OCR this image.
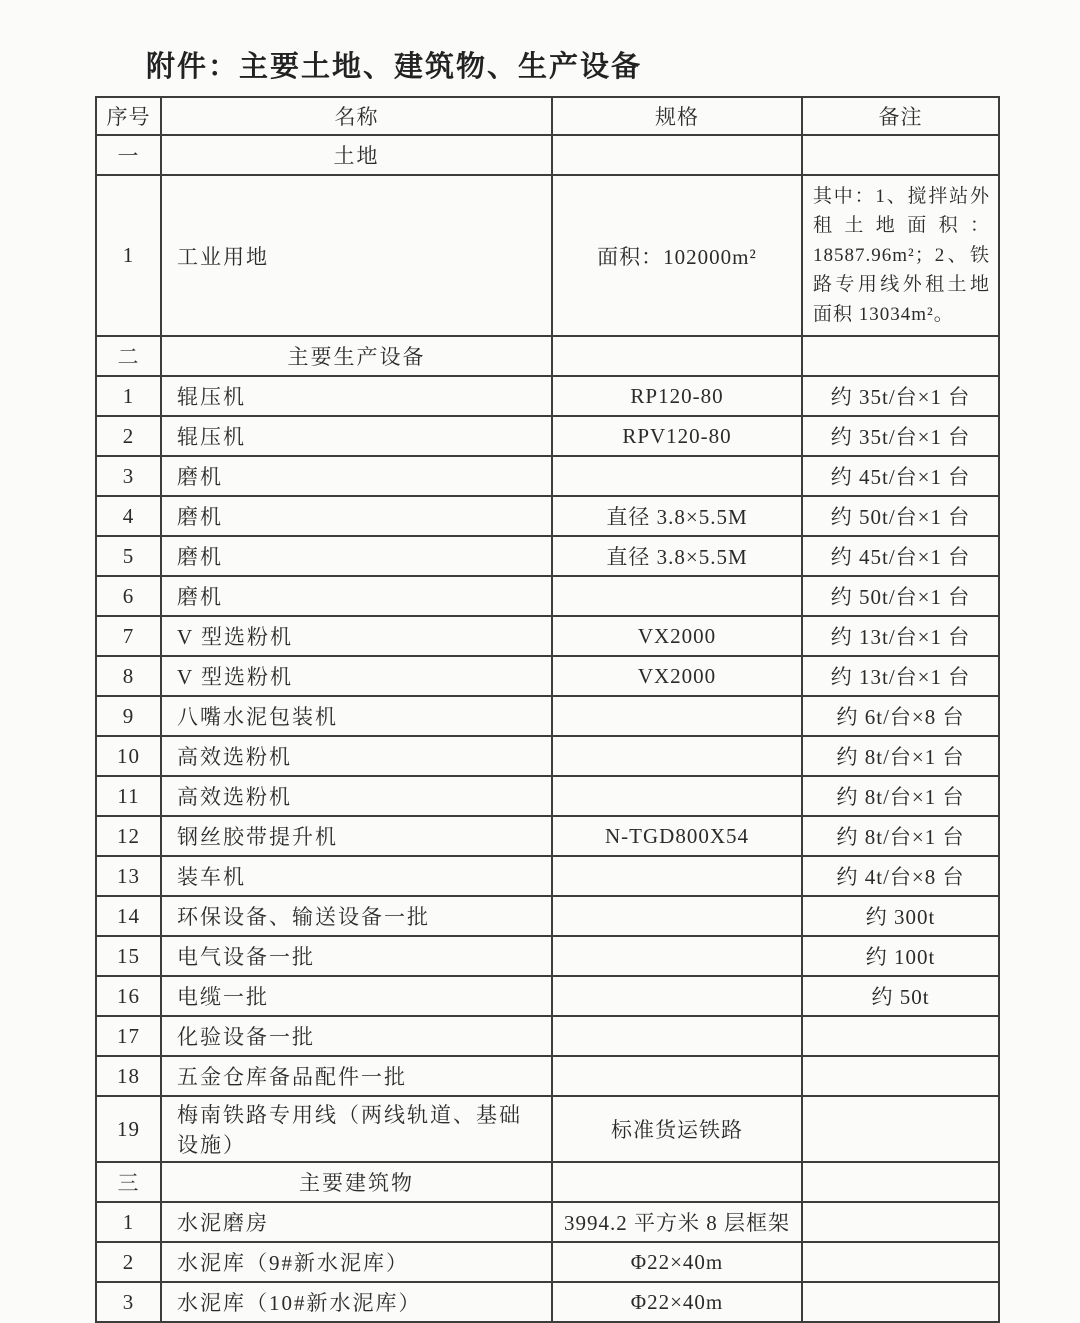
附件：主要土地、建筑物、生产设备
序号	名称	规格	备注
一	土地		
1	工业用地	面积：102000m²	其中：1、搅拌站外租土地面积：18587.96m²；2、铁路专用线外租土地面积 13034m²。
二	主要生产设备		
1	辊压机	RP120-80	约 35t/台×1 台
2	辊压机	RPV120-80	约 35t/台×1 台
3	磨机		约 45t/台×1 台
4	磨机	直径 3.8×5.5M	约 50t/台×1 台
5	磨机	直径 3.8×5.5M	约 45t/台×1 台
6	磨机		约 50t/台×1 台
7	V 型选粉机	VX2000	约 13t/台×1 台
8	V 型选粉机	VX2000	约 13t/台×1 台
9	八嘴水泥包装机		约 6t/台×8 台
10	高效选粉机		约 8t/台×1 台
11	高效选粉机		约 8t/台×1 台
12	钢丝胶带提升机	N-TGD800X54	约 8t/台×1 台
13	装车机		约 4t/台×8 台
14	环保设备、输送设备一批		约 300t
15	电气设备一批		约 100t
16	电缆一批		约 50t
17	化验设备一批		
18	五金仓库备品配件一批		
19	梅南铁路专用线（两线轨道、基础设施）	标准货运铁路	
三	主要建筑物		
1	水泥磨房	3994.2 平方米 8 层框架	
2	水泥库（9#新水泥库）	Φ22×40m	
3	水泥库（10#新水泥库）	Φ22×40m	
